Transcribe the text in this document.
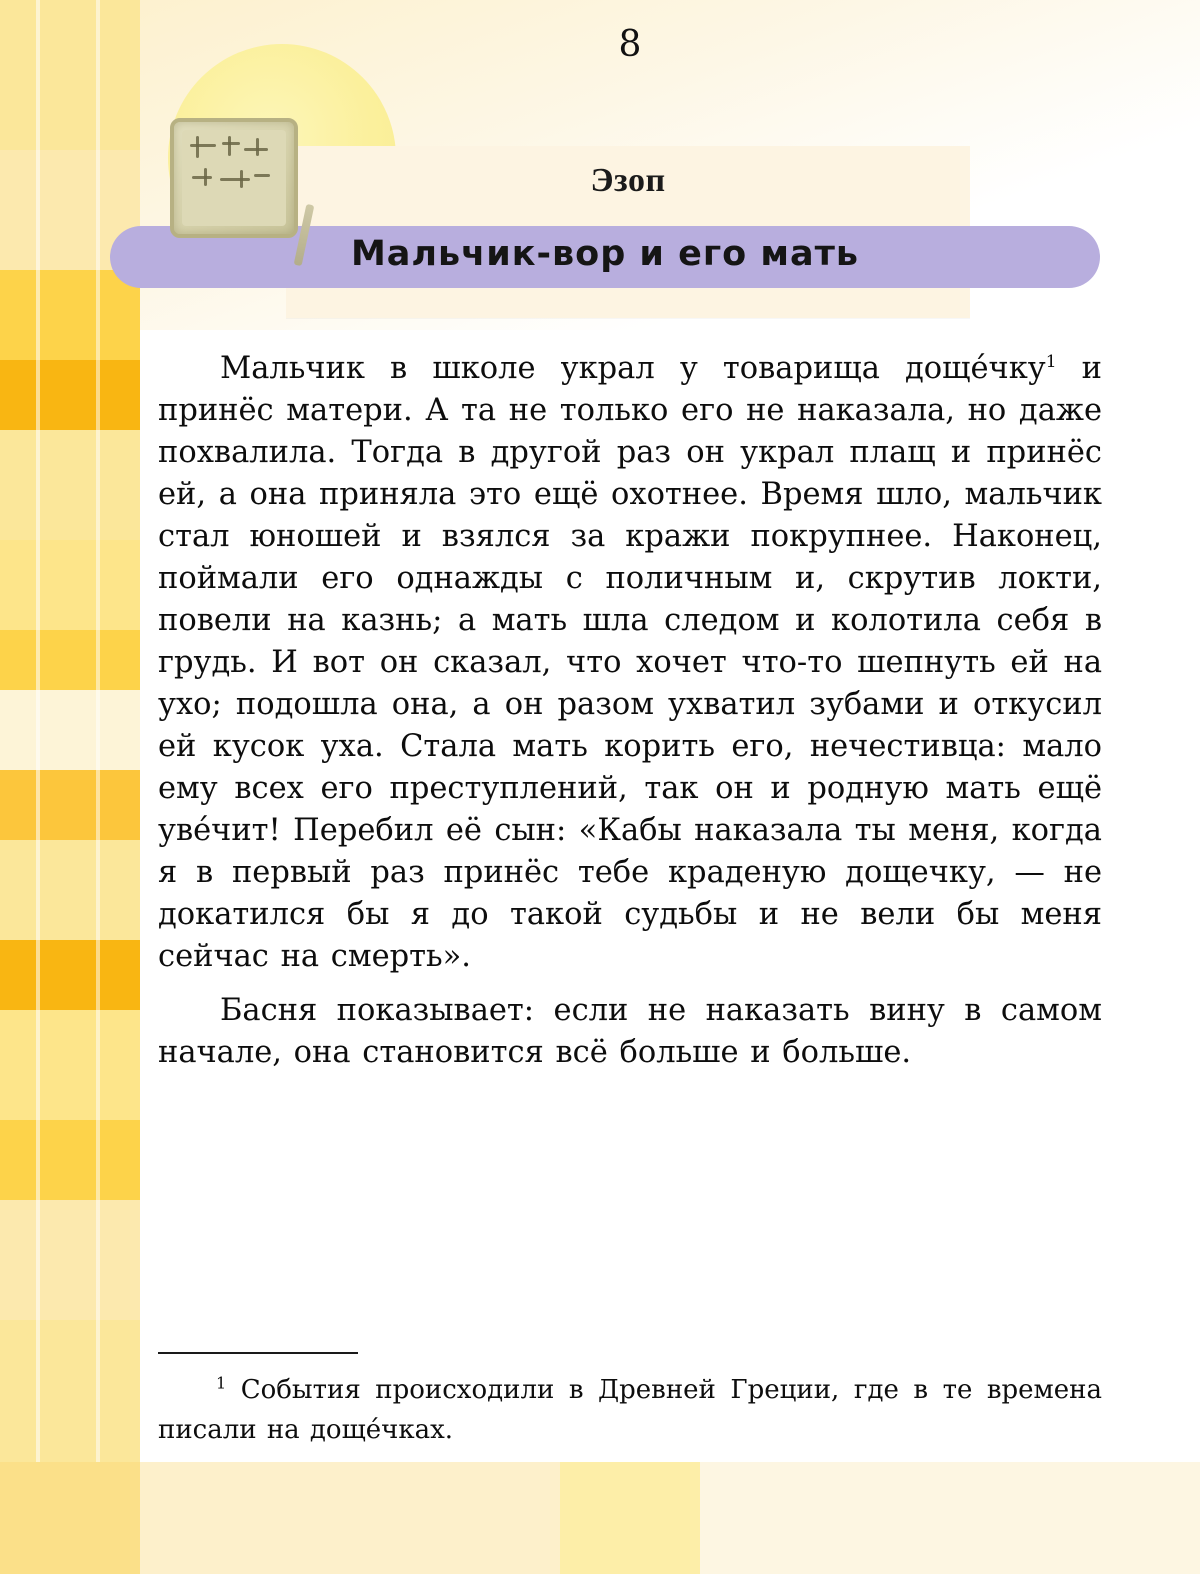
Эзоп
Мальчик-вор и его мать

Мальчик в школе украл у товарища доще́чку$^1$ и принёс матери. А та не только его не наказала, но даже похвалила. Тогда в другой раз он украл плащ и принёс ей, а она приняла это ещё охотнее. Время шло, мальчик стал юношей и взялся за кражи покрупнее. Наконец, поймали его однажды с поличным и, скрутив локти, повели на казнь; а мать шла следом и колотила себя в грудь. И вот он сказал, что хочет что-то шепнуть ей на ухо; подошла она, а он разом ухватил зубами и откусил ей кусок уха. Стала мать корить его, нечестивца: мало ему всех его преступлений, так он и родную мать ещё уве́чит! Перебил её сын: «Кабы наказала ты меня, когда я в первый раз принёс тебе краденую дощечку, — не докатился бы я до такой судьбы и не вели бы меня сейчас на смерть».

Басня показывает: если не наказать вину в самом начале, она становится всё больше и больше.

$^1$ События происходили в Древней Греции, где в те времена писали на доще́чках.
8
